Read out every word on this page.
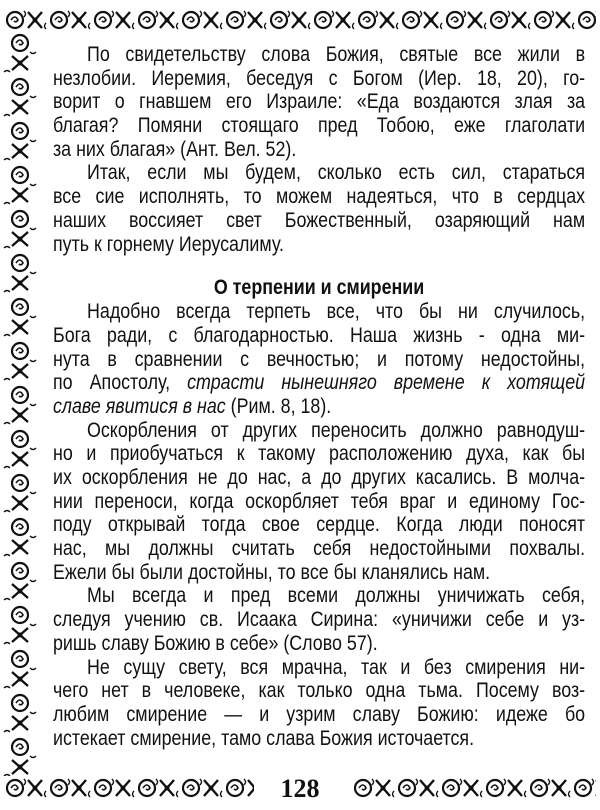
По свидетельству слова Божия, святые все жили в
незлобии. Иеремия, беседуя с Богом (Иер. 18, 20), го-
ворит о гнавшем его Израиле: «Еда воздаются злая за
благая? Помяни стоящаго пред Тобою, еже глаголати
за них благая» (Ант. Вел. 52).
Итак, если мы будем, сколько есть сил, стараться
все сие исполнять, то можем надеяться, что в сердцах
наших воссияет свет Божественный, озаряющий нам
путь к горнему Иерусалиму.
О терпении и смирении
Надобно всегда терпеть все, что бы ни случилось,
Бога ради, с благодарностью. Наша жизнь - одна ми-
нута в сравнении с вечностью; и потому недостойны,
по Апостолу, страсти нынешняго времене к хотящей
славе явитися в нас (Рим. 8, 18).
Оскорбления от других переносить должно равнодуш-
но и приобучаться к такому расположению духа, как бы
их оскорбления не до нас, а до других касались. В молча-
нии переноси, когда оскорбляет тебя враг и единому Гос-
поду открывай тогда свое сердце. Когда люди поносят
нас, мы должны считать себя недостойными похвалы.
Ежели бы были достойны, то все бы кланялись нам.
Мы всегда и пред всеми должны уничижать себя,
следуя учению св. Исаака Сирина: «уничижи себе и уз-
ришь славу Божию в себе» (Слово 57).
Не сущу свету, вся мрачна, так и без смирения ни-
чего нет в человеке, как только одна тьма. Посему воз-
любим смирение — и узрим славу Божию: идеже бо
истекает смирение, тамо слава Божия источается.
128
